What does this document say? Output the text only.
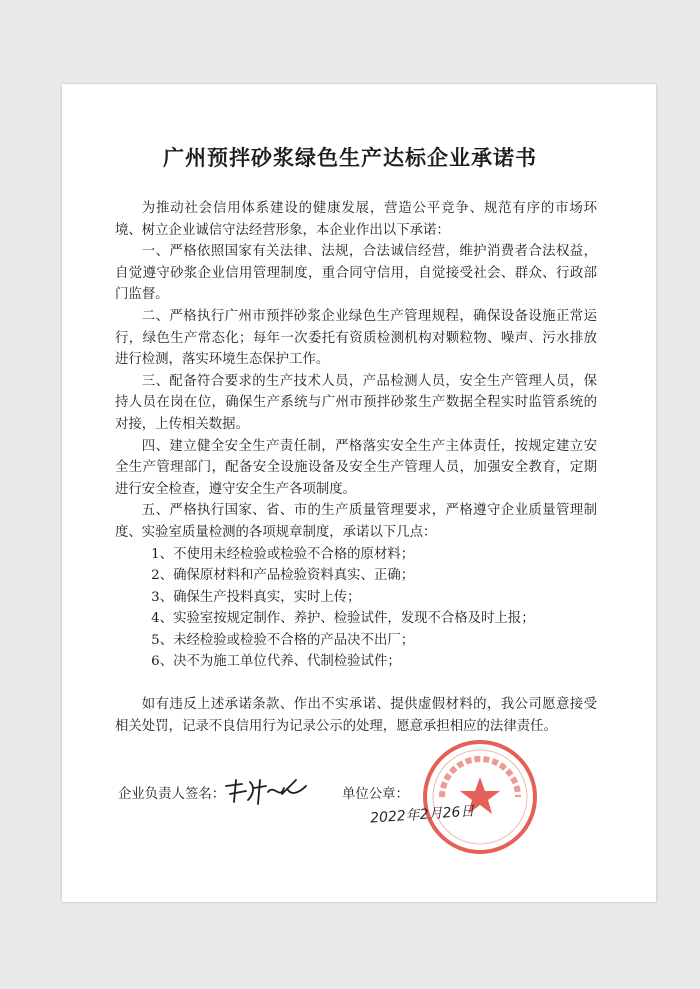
广州预拌砂浆绿色生产达标企业承诺书

为推动社会信用体系建设的健康发展，营造公平竞争、规范有序的市场环境、树立企业诚信守法经营形象，本企业作出以下承诺：

一、严格依照国家有关法律、法规，合法诚信经营，维护消费者合法权益，自觉遵守砂浆企业信用管理制度，重合同守信用，自觉接受社会、群众、行政部门监督。

二、严格执行广州市预拌砂浆企业绿色生产管理规程，确保设备设施正常运行，绿色生产常态化；每年一次委托有资质检测机构对颗粒物、噪声、污水排放进行检测，落实环境生态保护工作。

三、配备符合要求的生产技术人员，产品检测人员，安全生产管理人员，保持人员在岗在位，确保生产系统与广州市预拌砂浆生产数据全程实时监管系统的对接，上传相关数据。

四、建立健全安全生产责任制，严格落实安全生产主体责任，按规定建立安全生产管理部门，配备安全设施设备及安全生产管理人员，加强安全教育，定期进行安全检查，遵守安全生产各项制度。

五、严格执行国家、省、市的生产质量管理要求，严格遵守企业质量管理制度、实验室质量检测的各项规章制度，承诺以下几点：

1、不使用未经检验或检验不合格的原材料；

2、确保原材料和产品检验资料真实、正确；

3、确保生产投料真实，实时上传；

4、实验室按规定制作、养护、检验试件，发现不合格及时上报；

5、未经检验或检验不合格的产品决不出厂；

6、决不为施工单位代养、代制检验试件；

如有违反上述承诺条款、作出不实承诺、提供虚假材料的，我公司愿意接受相关处罚，记录不良信用行为记录公示的处理，愿意承担相应的法律责任。

企业负责人签名：	单位公章：
2022年2月26日
